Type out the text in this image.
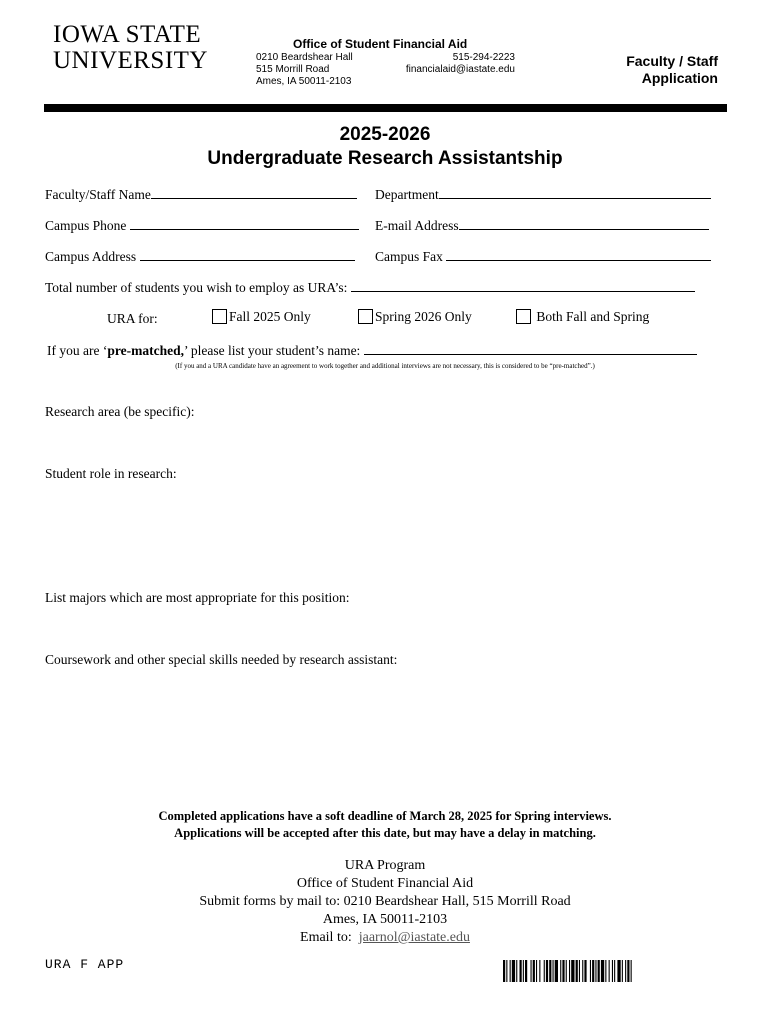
IOWA STATE
UNIVERSITY
Office of Student Financial Aid
0210 Beardshear Hall
515 Morrill Road
Ames, IA 50011-2103
515-294-2223
financialaid@iastate.edu
Faculty / Staff
Application
2025-2026
Undergraduate Research Assistantship
Faculty/Staff Name	Department
Campus Phone	E-mail Address
Campus Address	Campus Fax
Total number of students you wish to employ as URA’s:
URA for:	Fall 2025 Only	Spring 2026 Only	Both Fall and Spring
If you are ‘pre-matched,’ please list your student’s name:
(If you and a URA candidate have an agreement to work together and additional interviews are not necessary, this is considered to be “pre-matched”.)
Research area (be specific):
Student role in research:
List majors which are most appropriate for this position:
Coursework and other special skills needed by research assistant:
Completed applications have a soft deadline of March 28, 2025 for Spring interviews.
Applications will be accepted after this date, but may have a delay in matching.
URA Program
Office of Student Financial Aid
Submit forms by mail to: 0210 Beardshear Hall, 515 Morrill Road
Ames, IA 50011-2103
Email to: jaarnol@iastate.edu
URA F APP
